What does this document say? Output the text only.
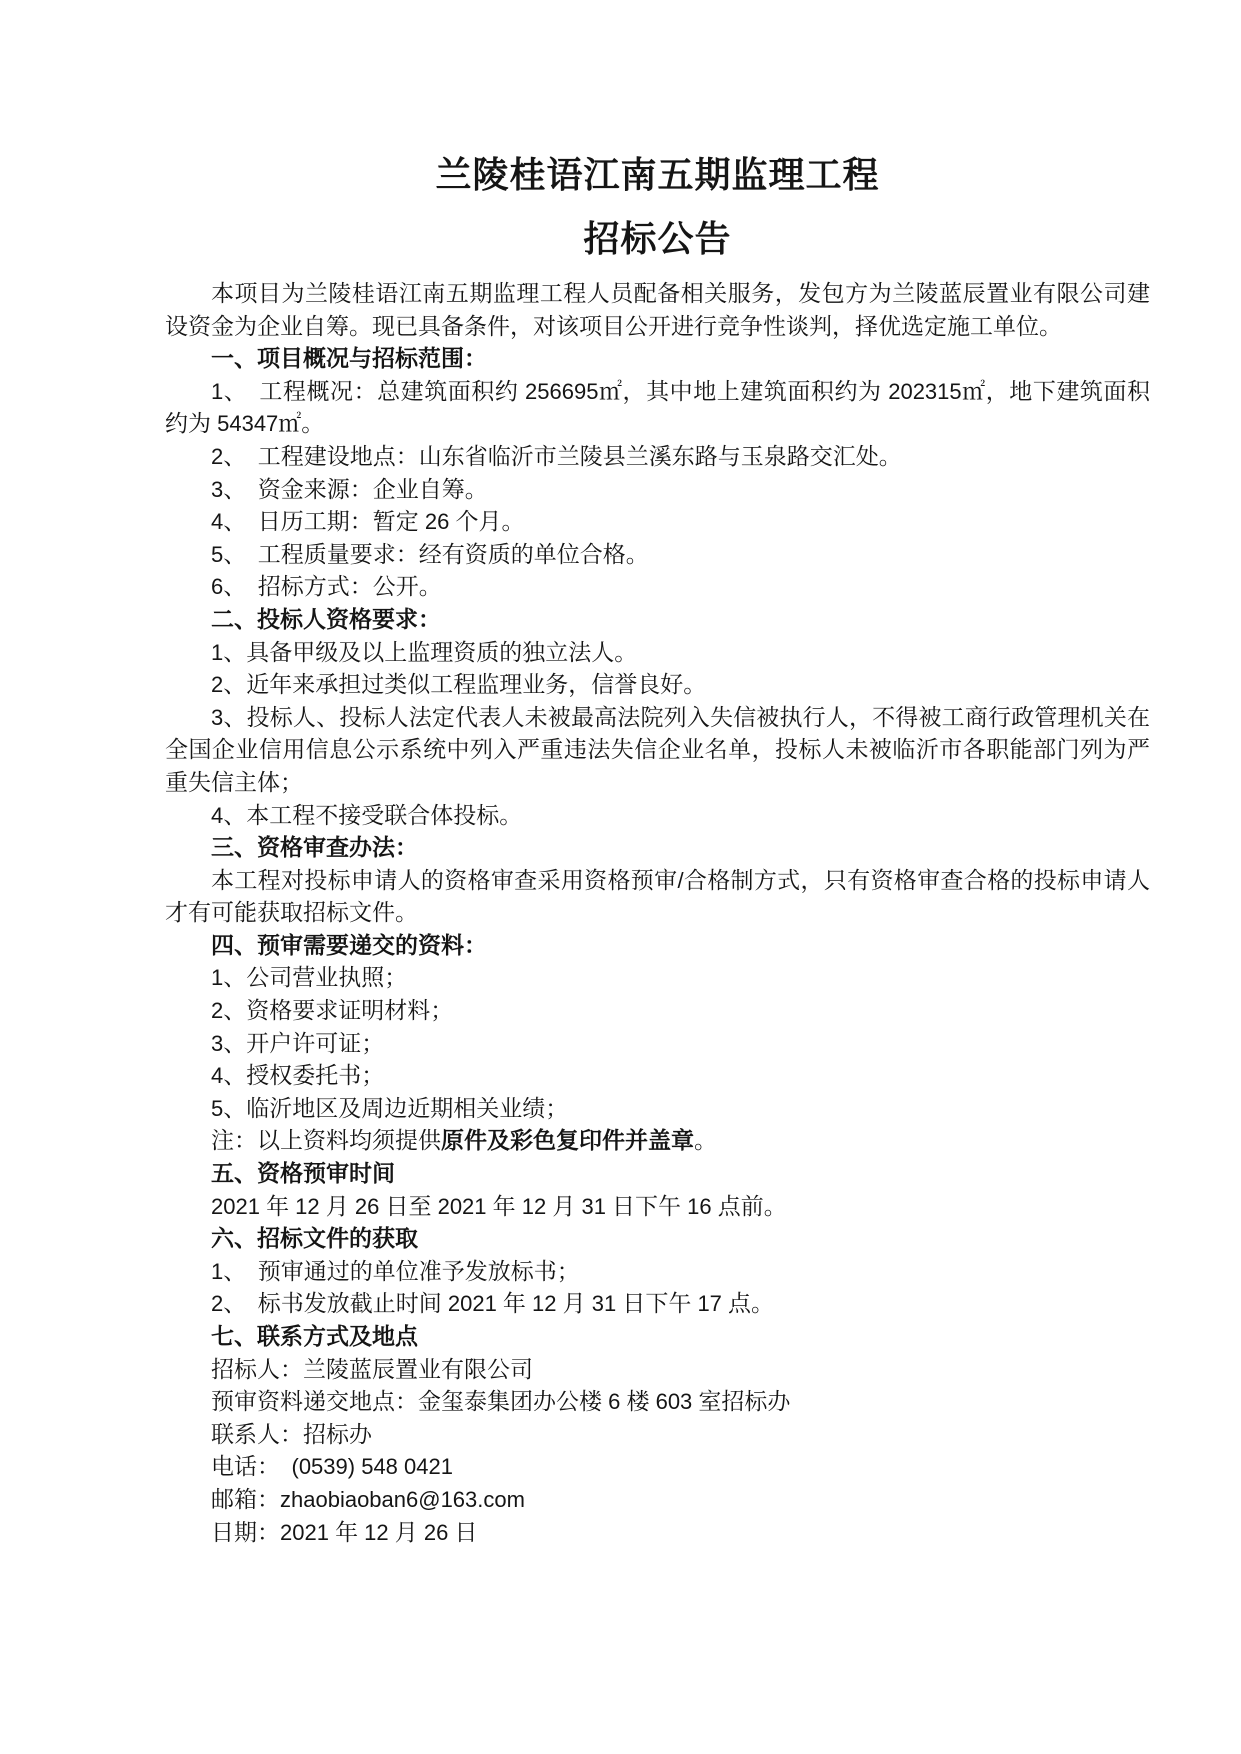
兰陵桂语江南五期监理工程
招标公告

本项目为兰陵桂语江南五期监理工程人员配备相关服务，发包方为兰陵蓝辰置业有限公司建设资金为企业自筹。现已具备条件，对该项目公开进行竞争性谈判，择优选定施工单位。

一、项目概况与招标范围：

1、　工程概况：总建筑面积约 256695㎡，其中地上建筑面积约为 202315㎡，地下建筑面积约为 54347㎡。

2、　工程建设地点：山东省临沂市兰陵县兰溪东路与玉泉路交汇处。

3、　资金来源：企业自筹。

4、　日历工期：暂定 26 个月。

5、　工程质量要求：经有资质的单位合格。

6、　招标方式：公开。

二、投标人资格要求：

1、具备甲级及以上监理资质的独立法人。

2、近年来承担过类似工程监理业务，信誉良好。

3、投标人、投标人法定代表人未被最高法院列入失信被执行人，不得被工商行政管理机关在全国企业信用信息公示系统中列入严重违法失信企业名单，投标人未被临沂市各职能部门列为严重失信主体；

4、本工程不接受联合体投标。

三、资格审查办法：

本工程对投标申请人的资格审查采用资格预审/合格制方式，只有资格审查合格的投标申请人才有可能获取招标文件。

四、预审需要递交的资料：

1、公司营业执照；

2、资格要求证明材料；

3、开户许可证；

4、授权委托书；

5、临沂地区及周边近期相关业绩；

注：以上资料均须提供原件及彩色复印件并盖章。

五、资格预审时间

2021 年 12 月 26 日至 2021 年 12 月 31 日下午 16 点前。

六、招标文件的获取

1、　预审通过的单位准予发放标书；

2、　标书发放截止时间 2021 年 12 月 31 日下午 17 点。

七、联系方式及地点

招标人：兰陵蓝辰置业有限公司

预审资料递交地点：金玺泰集团办公楼 6 楼 603 室招标办

联系人：招标办

电话：　(0539) 548 0421

邮箱：zhaobiaoban6@163.com

日期：2021 年 12 月 26 日
